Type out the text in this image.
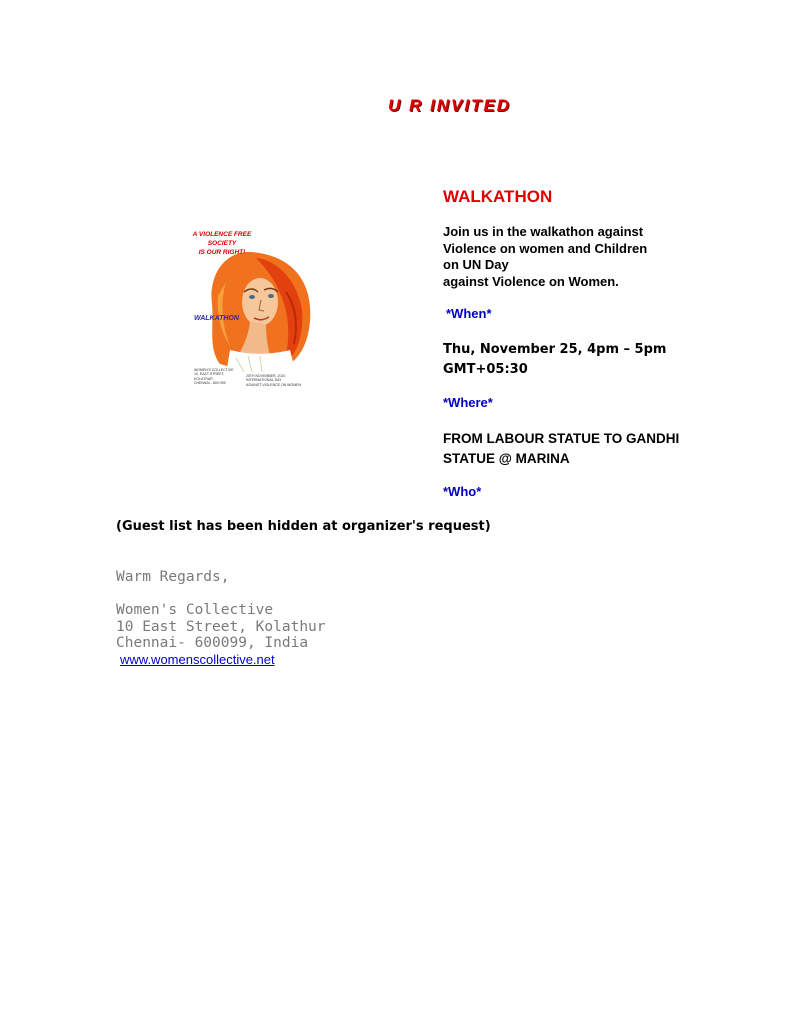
U R INVITED
A VIOLENCE FREE
SOCIETY
IS OUR RIGHT!
WALKATHON
WOMEN'S COLLECTIVE
10, EAST STREET,
KOLATHUR
CHENNAI - 600 099
25TH NOVEMBER, 2010
INTERNATIONAL DAY
AGAINST VIOLENCE ON WOMEN
WALKATHON
Join us in the walkathon against
Violence on women and Children
on UN Day
against Violence on Women.
*When*
Thu, November 25, 4pm – 5pm GMT+05:30
*Where*
FROM LABOUR STATUE TO GANDHI STATUE @ MARINA
*Who*
(Guest list has been hidden at organizer's request)
Warm Regards,
Women's Collective
10 East Street, Kolathur
Chennai- 600099, India
www.womenscollective.net
